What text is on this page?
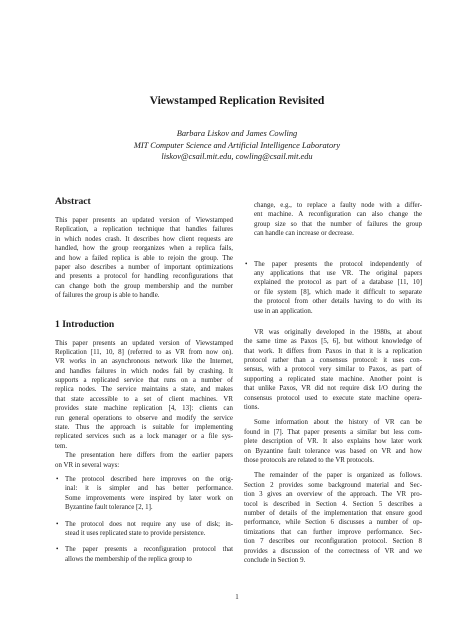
Viewstamped Replication Revisited
Barbara Liskov and James Cowling
MIT Computer Science and Artificial Intelligence Laboratory
liskov@csail.mit.edu, cowling@csail.mit.edu
Abstract
This paper presents an updated version of Viewstamped
Replication, a replication technique that handles failures
in which nodes crash. It describes how client requests are
handled, how the group reorganizes when a replica fails,
and how a failed replica is able to rejoin the group. The
paper also describes a number of important optimizations
and presents a protocol for handling reconfigurations that
can change both the group membership and the number
of failures the group is able to handle.
1 Introduction
This paper presents an updated version of Viewstamped
Replication [11, 10, 8] (referred to as VR from now on).
VR works in an asynchronous network like the Internet,
and handles failures in which nodes fail by crashing. It
supports a replicated service that runs on a number of
replica nodes. The service maintains a state, and makes
that state accessible to a set of client machines. VR
provides state machine replication [4, 13]: clients can
run general operations to observe and modify the service
state. Thus the approach is suitable for implementing
replicated services such as a lock manager or a file sys-
tem.
The presentation here differs from the earlier papers
on VR in several ways:
• The protocol described here improves on the orig-
inal: it is simpler and has better performance.
Some improvements were inspired by later work on
Byzantine fault tolerance [2, 1].
• The protocol does not require any use of disk; in-
stead it uses replicated state to provide persistence.
• The paper presents a reconfiguration protocol that
allows the membership of the replica group to
change, e.g., to replace a faulty node with a differ-
ent machine. A reconfiguration can also change the
group size so that the number of failures the group
can handle can increase or decrease.
• The paper presents the protocol independently of
any applications that use VR. The original papers
explained the protocol as part of a database [11, 10]
or file system [8], which made it difficult to separate
the protocol from other details having to do with its
use in an application.
VR was originally developed in the 1980s, at about
the same time as Paxos [5, 6], but without knowledge of
that work. It differs from Paxos in that it is a replication
protocol rather than a consensus protocol: it uses con-
sensus, with a protocol very similar to Paxos, as part of
supporting a replicated state machine. Another point is
that unlike Paxos, VR did not require disk I/O during the
consensus protocol used to execute state machine opera-
tions.
Some information about the history of VR can be
found in [7]. That paper presents a similar but less com-
plete description of VR. It also explains how later work
on Byzantine fault tolerance was based on VR and how
those protocols are related to the VR protocols.
The remainder of the paper is organized as follows.
Section 2 provides some background material and Sec-
tion 3 gives an overview of the approach. The VR pro-
tocol is described in Section 4. Section 5 describes a
number of details of the implementation that ensure good
performance, while Section 6 discusses a number of op-
timizations that can further improve performance. Sec-
tion 7 describes our reconfiguration protocol. Section 8
provides a discussion of the correctness of VR and we
conclude in Section 9.
1
